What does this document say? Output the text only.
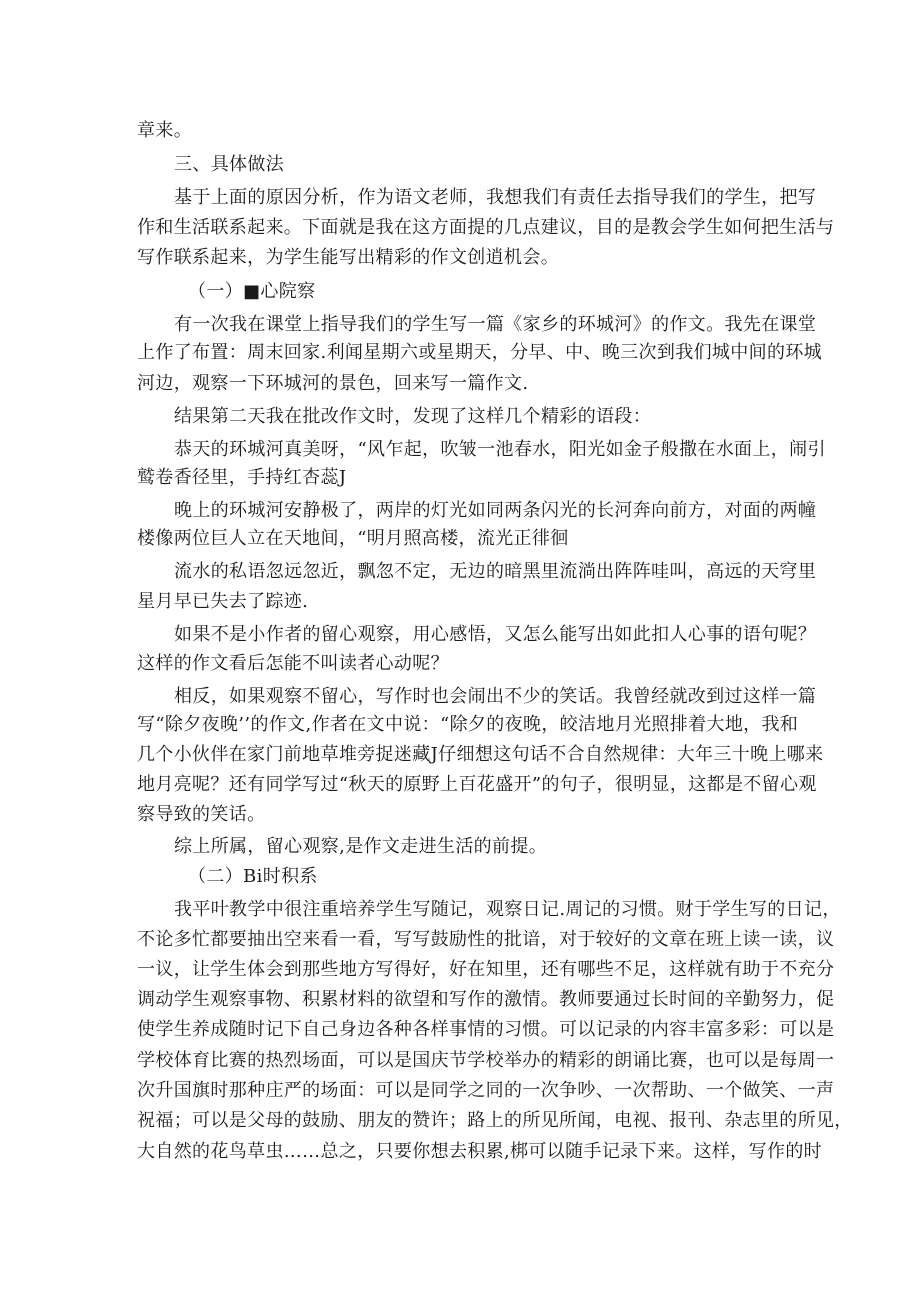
章来。
三、具体做法
基于上面的原因分析，作为语文老师，我想我们有责任去指导我们的学生，把写
作和生活联系起来。下面就是我在这方面提的几点建议，目的是教会学生如何把生活与
写作联系起来，为学生能写出精彩的作文创逍机会。
（一）■心院察
有一次我在课堂上指导我们的学生写一篇《家乡的环城河》的作文。我先在课堂
上作了布置：周末回家.利闻星期六或星期天，分早、中、晚三次到我们城中间的环城
河边，观察一下环城河的景色，回来写一篇作文.
结果第二天我在批改作文时，发现了这样几个精彩的语段：
恭天的环城河真美呀，“风乍起，吹皱一池春水，阳光如金子般撒在水面上，闹引
鹫卷香径里，手持红杏蕊J
晚上的环城河安静极了，两岸的灯光如同两条闪光的长河奔向前方，对面的两幢
楼像两位巨人立在天地间，“明月照高楼，流光正徘徊
流水的私语忽远忽近，飘忽不定，无边的暗黑里流淌出阵阵哇叫，高远的天穹里
星月早已失去了踪迹.
如果不是小作者的留心观察，用心感悟，又怎么能写出如此扣人心事的语句呢？
这样的作文看后怎能不叫读者心动呢？
相反，如果观察不留心，写作时也会闹出不少的笑话。我曾经就改到过这样一篇
写“除夕夜晚’’的作文,作者在文中说：“除夕的夜晚，皎洁地月光照排着大地，我和
几个小伙伴在家门前地草堆旁捉迷藏J仔细想这句话不合自然规律：大年三十晚上哪来
地月亮呢？还有同学写过“秋天的原野上百花盛开”的句子，很明显，这都是不留心观
察导致的笑话。
综上所属，留心观察,是作文走进生活的前提。
（二）Bi时积系
我平叶教学中很注重培养学生写随记，观察日记.周记的习惯。财于学生写的日记，
不论多忙都要抽出空来看一看，写写鼓励性的批谙，对于较好的文章在班上读一读，议
一议，让学生体会到那些地方写得好，好在知里，还有哪些不足，这样就有助于不充分
调动学生观察事物、积累材料的欲望和写作的激情。教师要通过长时间的辛勤努力，促
使学生养成随时记下自己身边各种各样事情的习惯。可以记录的内容丰富多彩：可以是
学校体育比赛的热烈场面，可以是国庆节学校举办的精彩的朗诵比赛，也可以是每周一
次升国旗时那种庄严的场面：可以是同学之同的一次争吵、一次帮助、一个做笑、一声
祝福；可以是父母的鼓励、朋友的赞许；路上的所见所闻，电视、报刊、杂志里的所见，
大自然的花鸟草虫……总之，只要你想去积累,梆可以随手记录下来。这样，写作的时
